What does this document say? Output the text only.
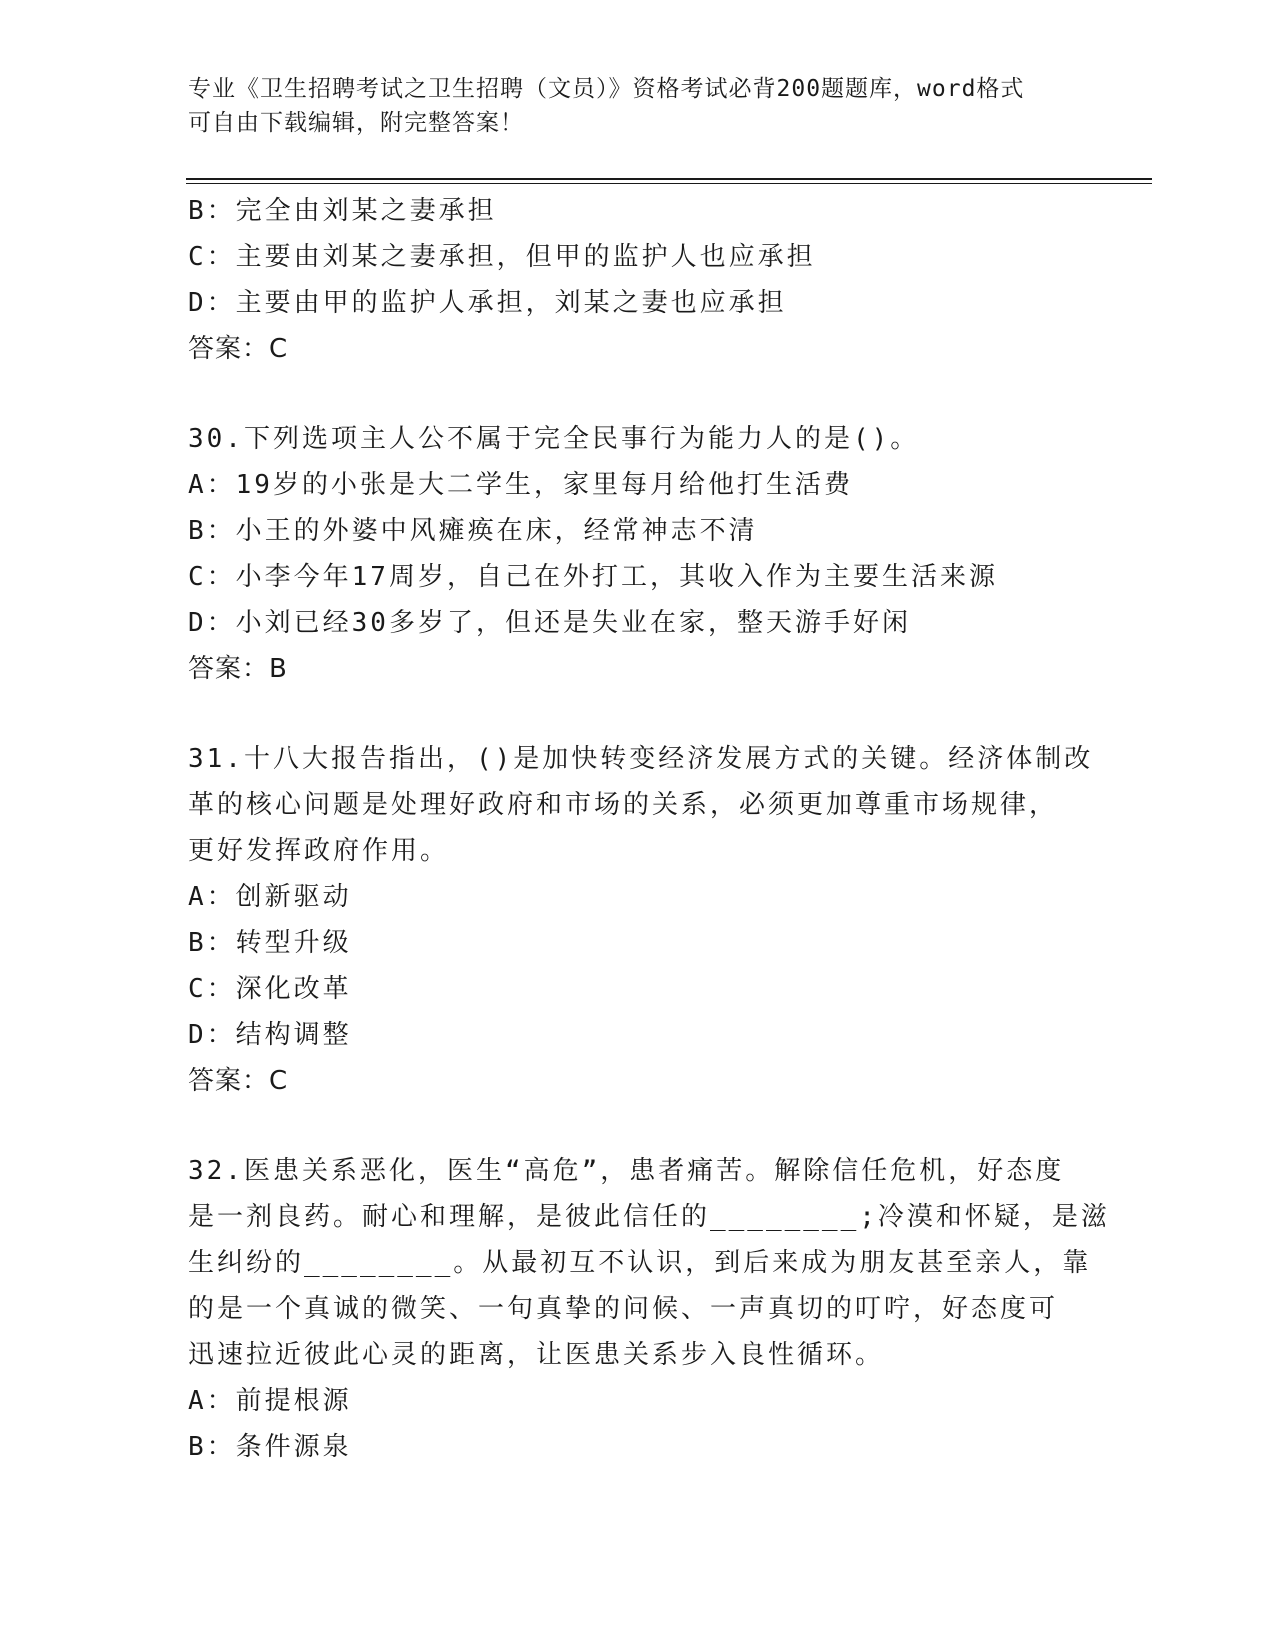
专业《卫生招聘考试之卫生招聘（文员）》资格考试必背200题题库，word格式
可自由下载编辑，附完整答案！
B：完全由刘某之妻承担
C：主要由刘某之妻承担，但甲的监护人也应承担
D：主要由甲的监护人承担，刘某之妻也应承担
答案：C
30.下列选项主人公不属于完全民事行为能力人的是()。
A：19岁的小张是大二学生，家里每月给他打生活费
B：小王的外婆中风瘫痪在床，经常神志不清
C：小李今年17周岁，自己在外打工，其收入作为主要生活来源
D：小刘已经30多岁了，但还是失业在家，整天游手好闲
答案：B
31.十八大报告指出，()是加快转变经济发展方式的关键。经济体制改
革的核心问题是处理好政府和市场的关系，必须更加尊重市场规律，
更好发挥政府作用。
A：创新驱动
B：转型升级
C：深化改革
D：结构调整
答案：C
32.医患关系恶化，医生“高危”，患者痛苦。解除信任危机，好态度
是一剂良药。耐心和理解，是彼此信任的________;冷漠和怀疑，是滋
生纠纷的________。从最初互不认识，到后来成为朋友甚至亲人，靠
的是一个真诚的微笑、一句真挚的问候、一声真切的叮咛，好态度可
迅速拉近彼此心灵的距离，让医患关系步入良性循环。
A：前提根源
B：条件源泉
